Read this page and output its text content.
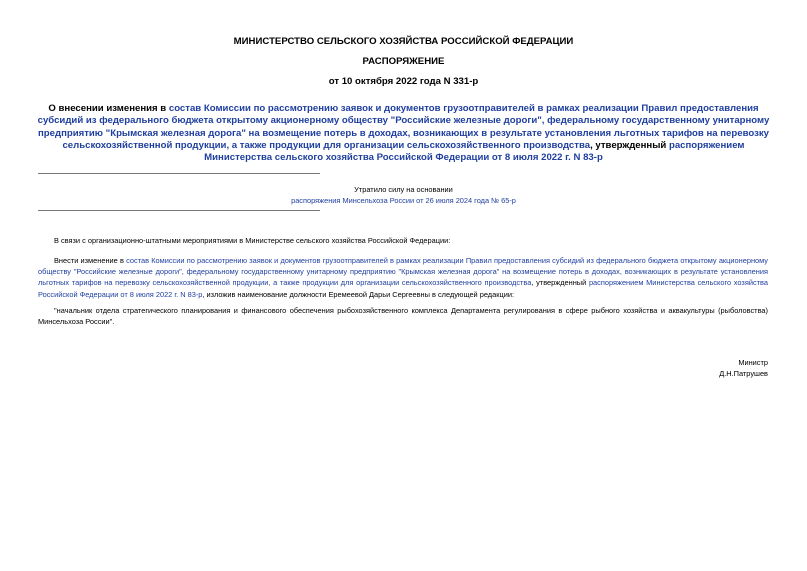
МИНИСТЕРСТВО СЕЛЬСКОГО ХОЗЯЙСТВА РОССИЙСКОЙ ФЕДЕРАЦИИ
РАСПОРЯЖЕНИЕ
от 10 октября 2022 года N 331-р
О внесении изменения в состав Комиссии по рассмотрению заявок и документов грузоотправителей в рамках реализации Правил предоставления субсидий из федерального бюджета открытому акционерному обществу "Российские железные дороги", федеральному государственному унитарному предприятию "Крымская железная дорога" на возмещение потерь в доходах, возникающих в результате установления льготных тарифов на перевозку сельскохозяйственной продукции, а также продукции для организации сельскохозяйственного производства, утвержденный распоряжением Министерства сельского хозяйства Российской Федерации от 8 июля 2022 г. N 83-р
Утратило силу на основании
распоряжения Минсельхоза России от 26 июля 2024 года № 65-р
В связи с организационно-штатными мероприятиями в Министерстве сельского хозяйства Российской Федерации:
Внести изменение в состав Комиссии по рассмотрению заявок и документов грузоотправителей в рамках реализации Правил предоставления субсидий из федерального бюджета открытому акционерному обществу "Российские железные дороги", федеральному государственному унитарному предприятию "Крымская железная дорога" на возмещение потерь в доходах, возникающих в результате установления льготных тарифов на перевозку сельскохозяйственной продукции, а также продукции для организации сельскохозяйственного производства, утвержденный распоряжением Министерства сельского хозяйства Российской Федерации от 8 июля 2022 г. N 83-р, изложив наименование должности Еремеевой Дарьи Сергеевны в следующей редакции:
"начальник отдела стратегического планирования и финансового обеспечения рыбохозяйственного комплекса Департамента регулирования в сфере рыбного хозяйства и аквакультуры (рыболовства) Минсельхоза России".
Министр
Д.Н.Патрушев
